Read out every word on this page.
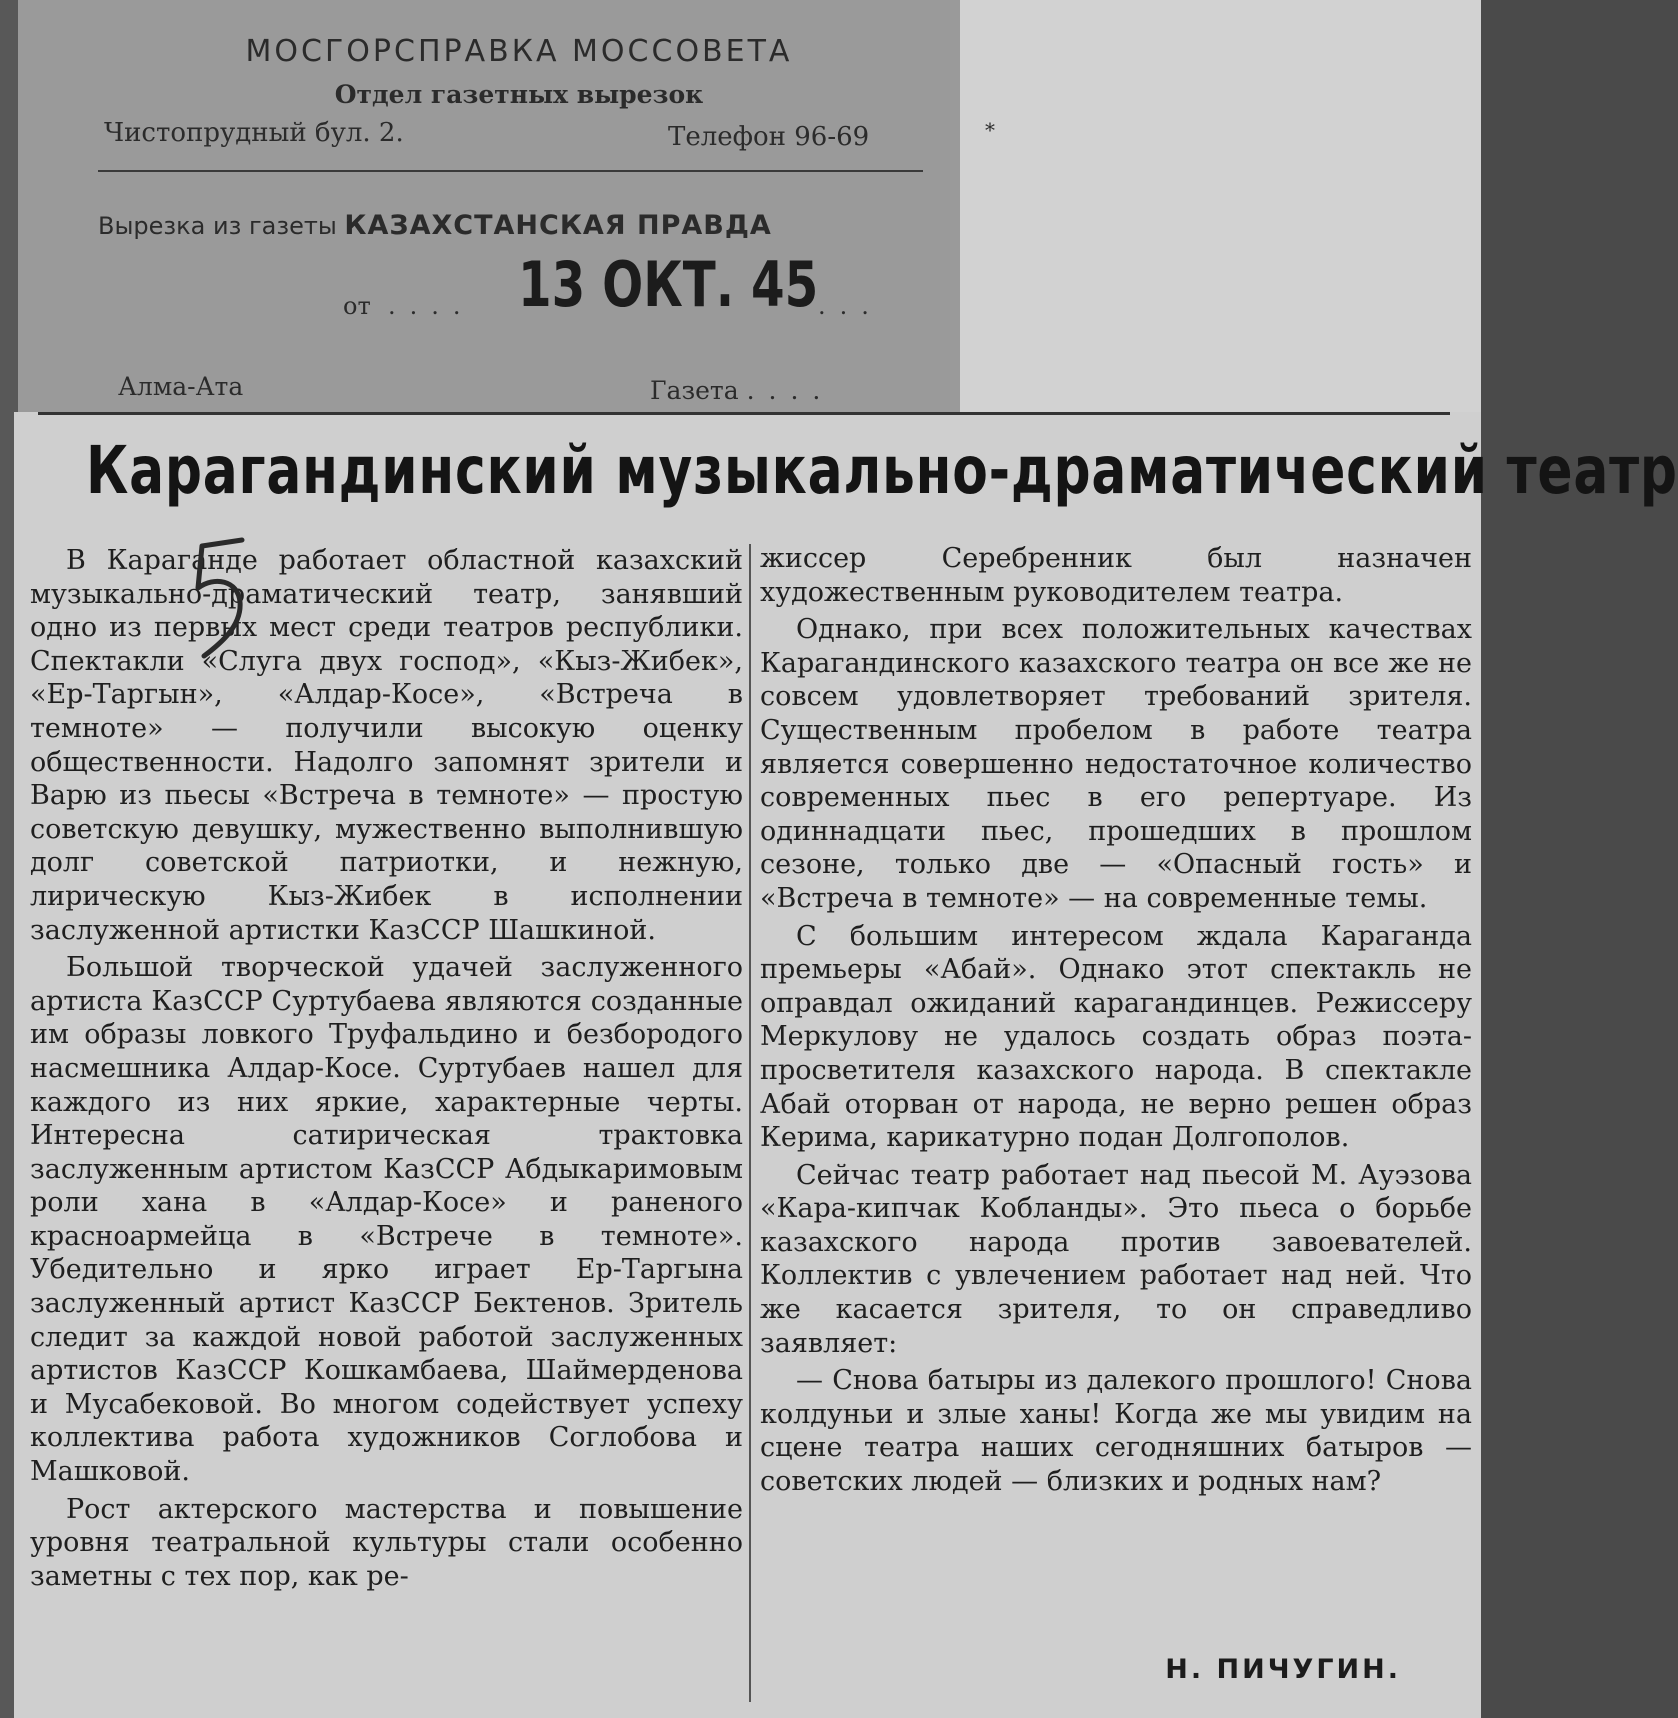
МОСГОРСПРАВКА МОССОВЕТА
Отдел газетных вырезок
Чистопрудный бул. 2.	Телефон 96-69
Вырезка из газеты КАЗАХСТАНСКАЯ ПРАВДА
от .... 13 ОКТ. 45 ...
Алма-Ата	Газета ....
*
Карагандинский музыкально-драматический театр

В Караганде работает областной казахский музыкально-драматический театр, занявший одно из первых мест среди театров республики. Спектакли «Слуга двух господ», «Кыз-Жибек», «Ер-Таргын», «Алдар-Косе», «Встреча в темноте» — получили высокую оценку общественности. Надолго запомнят зрители и Варю из пьесы «Встреча в темноте» — простую советскую девушку, мужественно выполнившую долг советской патриотки, и нежную, лирическую Кыз-Жибек в исполнении заслуженной артистки КазССР Шашкиной.

Большой творческой удачей заслуженного артиста КазССР Суртубаева являются созданные им образы ловкого Труфальдино и безбородого насмешника Алдар-Косе. Суртубаев нашел для каждого из них яркие, характерные черты. Интересна сатирическая трактовка заслуженным артистом КазССР Абдыкаримовым роли хана в «Алдар-Косе» и раненого красноармейца в «Встрече в темноте». Убедительно и ярко играет Ер-Таргына заслуженный артист КазССР Бектенов. Зритель следит за каждой новой работой заслуженных артистов КазССР Кошкамбаева, Шаймерденова и Мусабековой. Во многом содействует успеху коллектива работа художников Соглобова и Машковой.

Рост актерского мастерства и повышение уровня театральной культуры стали особенно заметны с тех пор, как ре-

жиссер Серебренник был назначен художественным руководителем театра.

Однако, при всех положительных качествах Карагандинского казахского театра он все же не совсем удовлетворяет требований зрителя. Существенным пробелом в работе театра является совершенно недостаточное количество современных пьес в его репертуаре. Из одиннадцати пьес, прошедших в прошлом сезоне, только две — «Опасный гость» и «Встреча в темноте» — на современные темы.

С большим интересом ждала Караганда премьеры «Абай». Однако этот спектакль не оправдал ожиданий карагандинцев. Режиссеру Меркулову не удалось создать образ поэта-просветителя казахского народа. В спектакле Абай оторван от народа, не верно решен образ Керима, карикатурно подан Долгополов.

Сейчас театр работает над пьесой М. Ауэзова «Кара-кипчак Кобланды». Это пьеса о борьбе казахского народа против завоевателей. Коллектив с увлечением работает над ней. Что же касается зрителя, то он справедливо заявляет:

— Снова батыры из далекого прошлого! Снова колдуньи и злые ханы! Когда же мы увидим на сцене театра наших сегодняшних батыров — советских людей — близких и родных нам?

Н. ПИЧУГИН.
